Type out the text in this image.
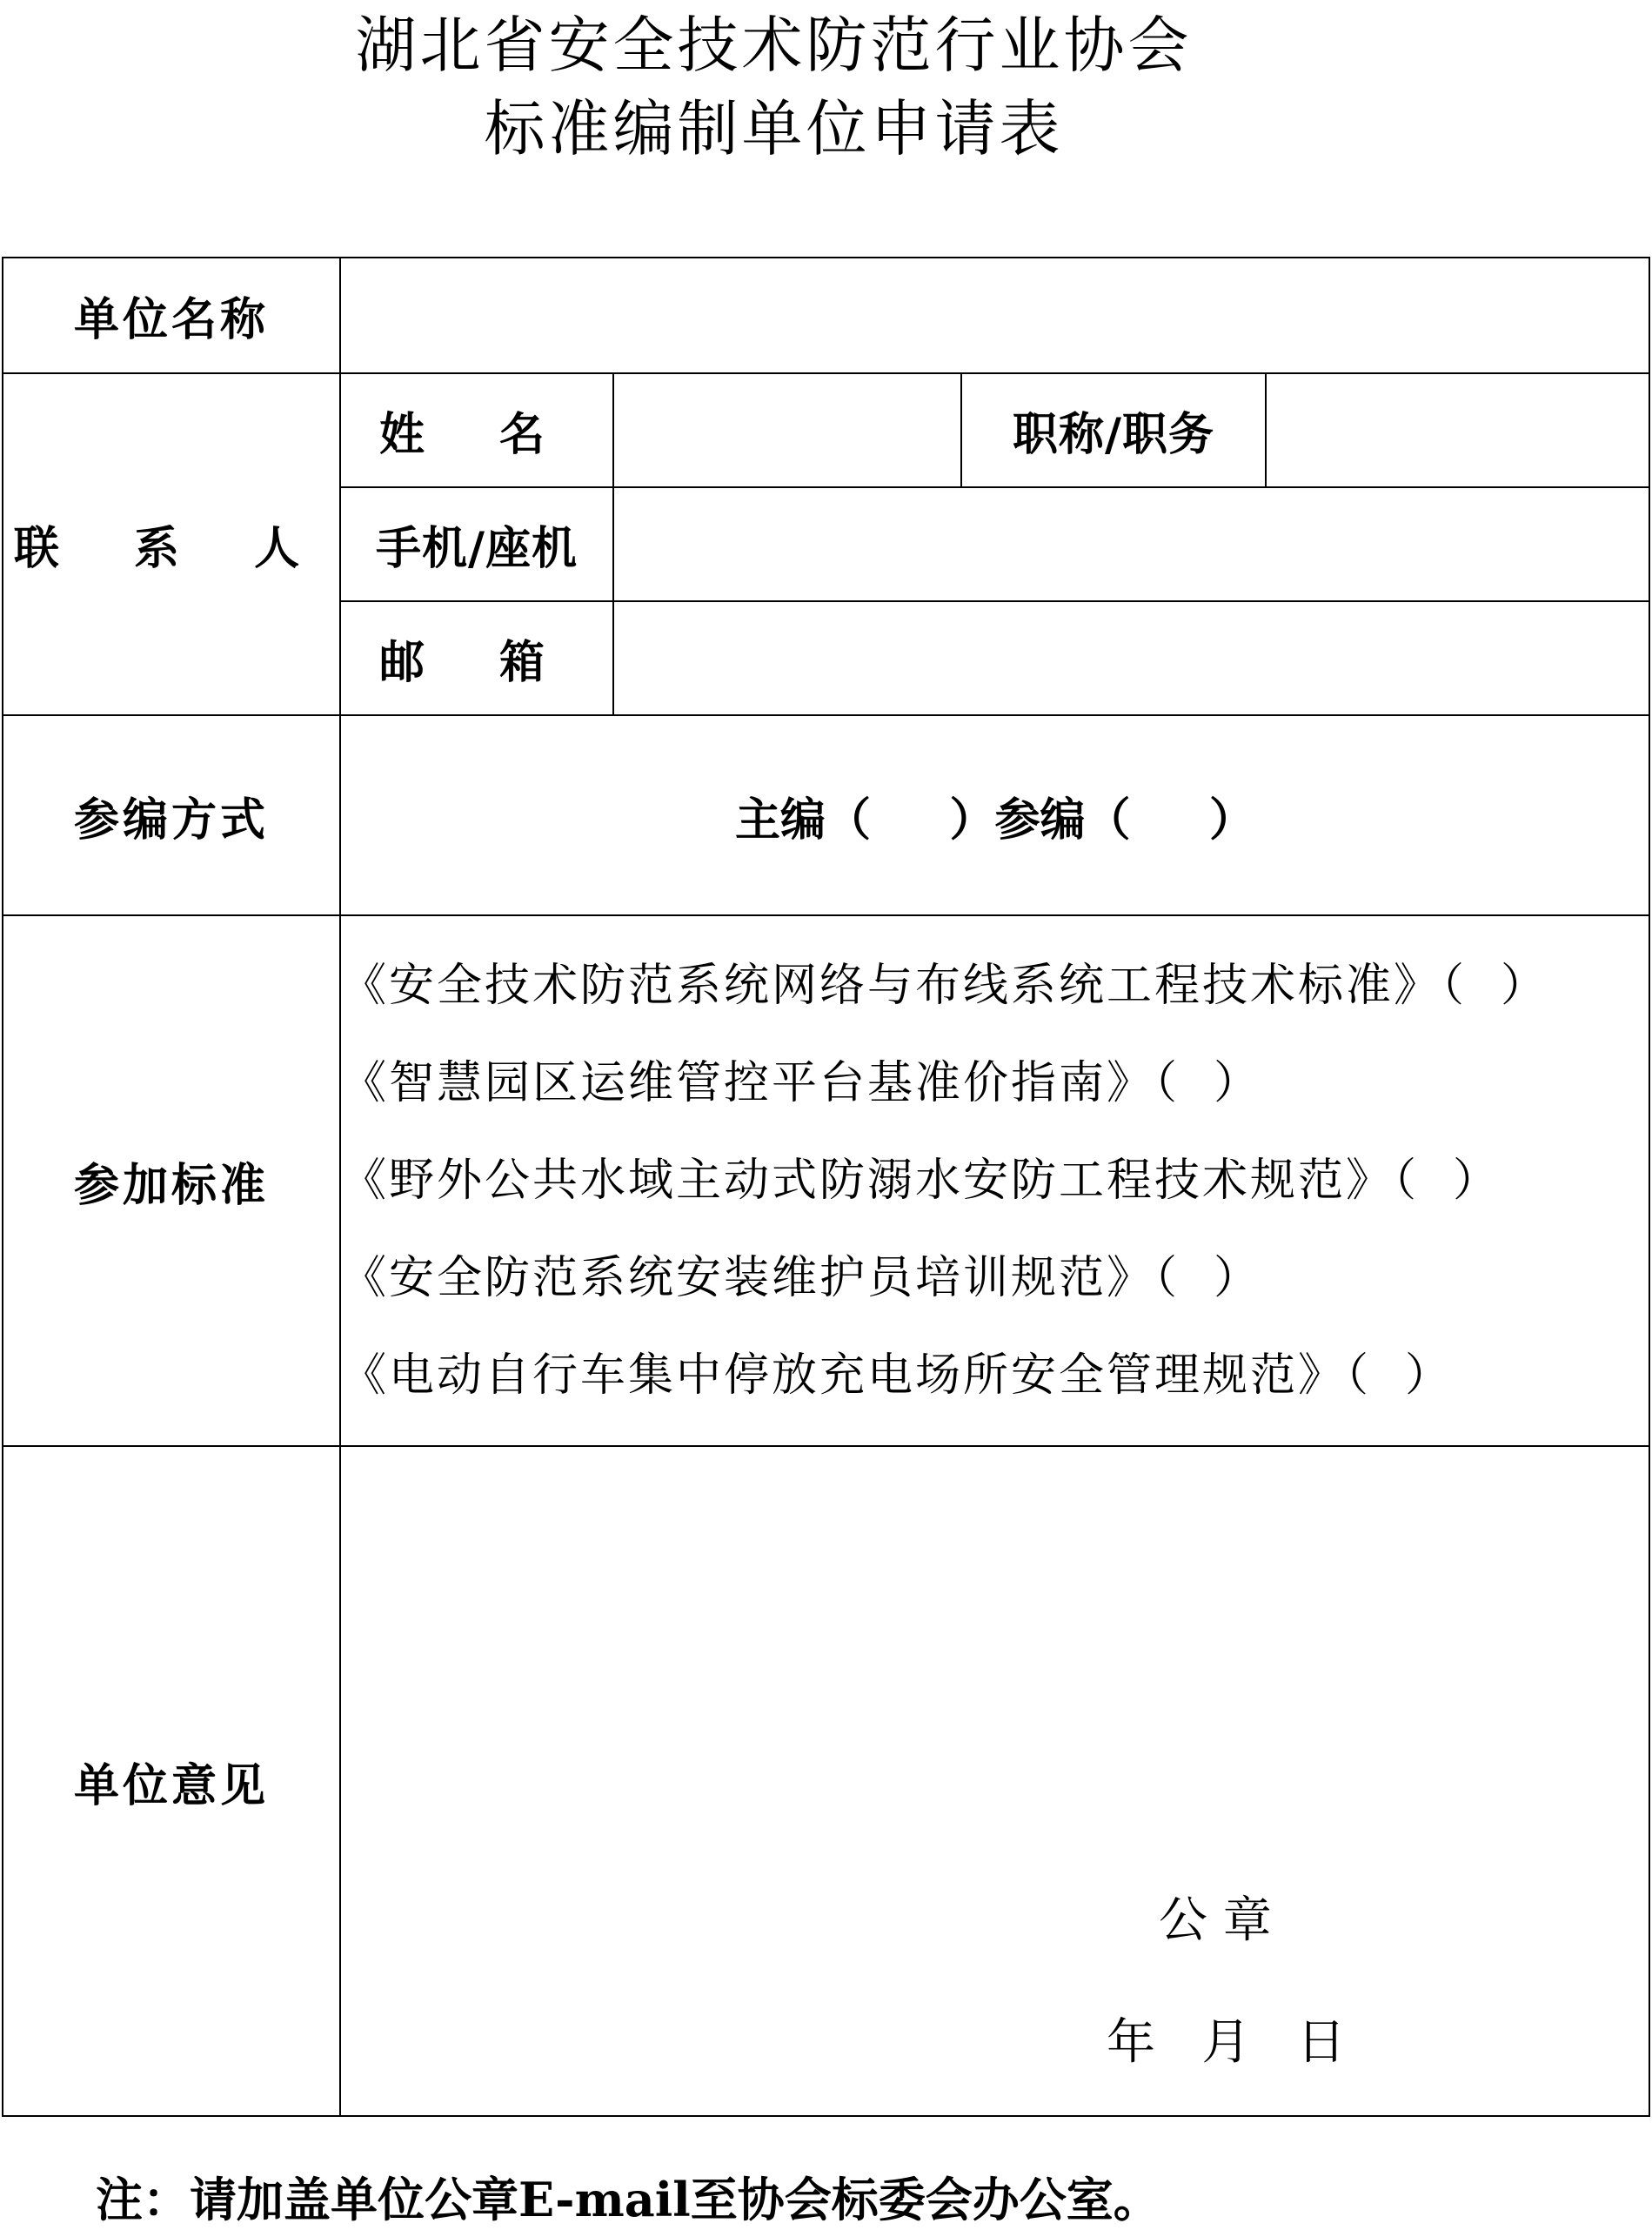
湖北省安全技术防范行业协会
标准编制单位申请表
单位名称				
联 系 人	姓 名		职称/职务	
	手机/座机			
	邮 箱			
参编方式	主编（     ）参编（     ）			
参加标准	《安全技术防范系统网络与布线系统工程技术标准》（  ）
《智慧园区运维管控平台基准价指南》（  ）
《野外公共水域主动式防溺水安防工程技术规范》（  ）
《安全防范系统安装维护员培训规范》（  ）
《电动自行车集中停放充电场所安全管理规范》（  ）			

单位意见	公 章
年   月   日			
注：请加盖单位公章E-mail至协会标委会办公室。
